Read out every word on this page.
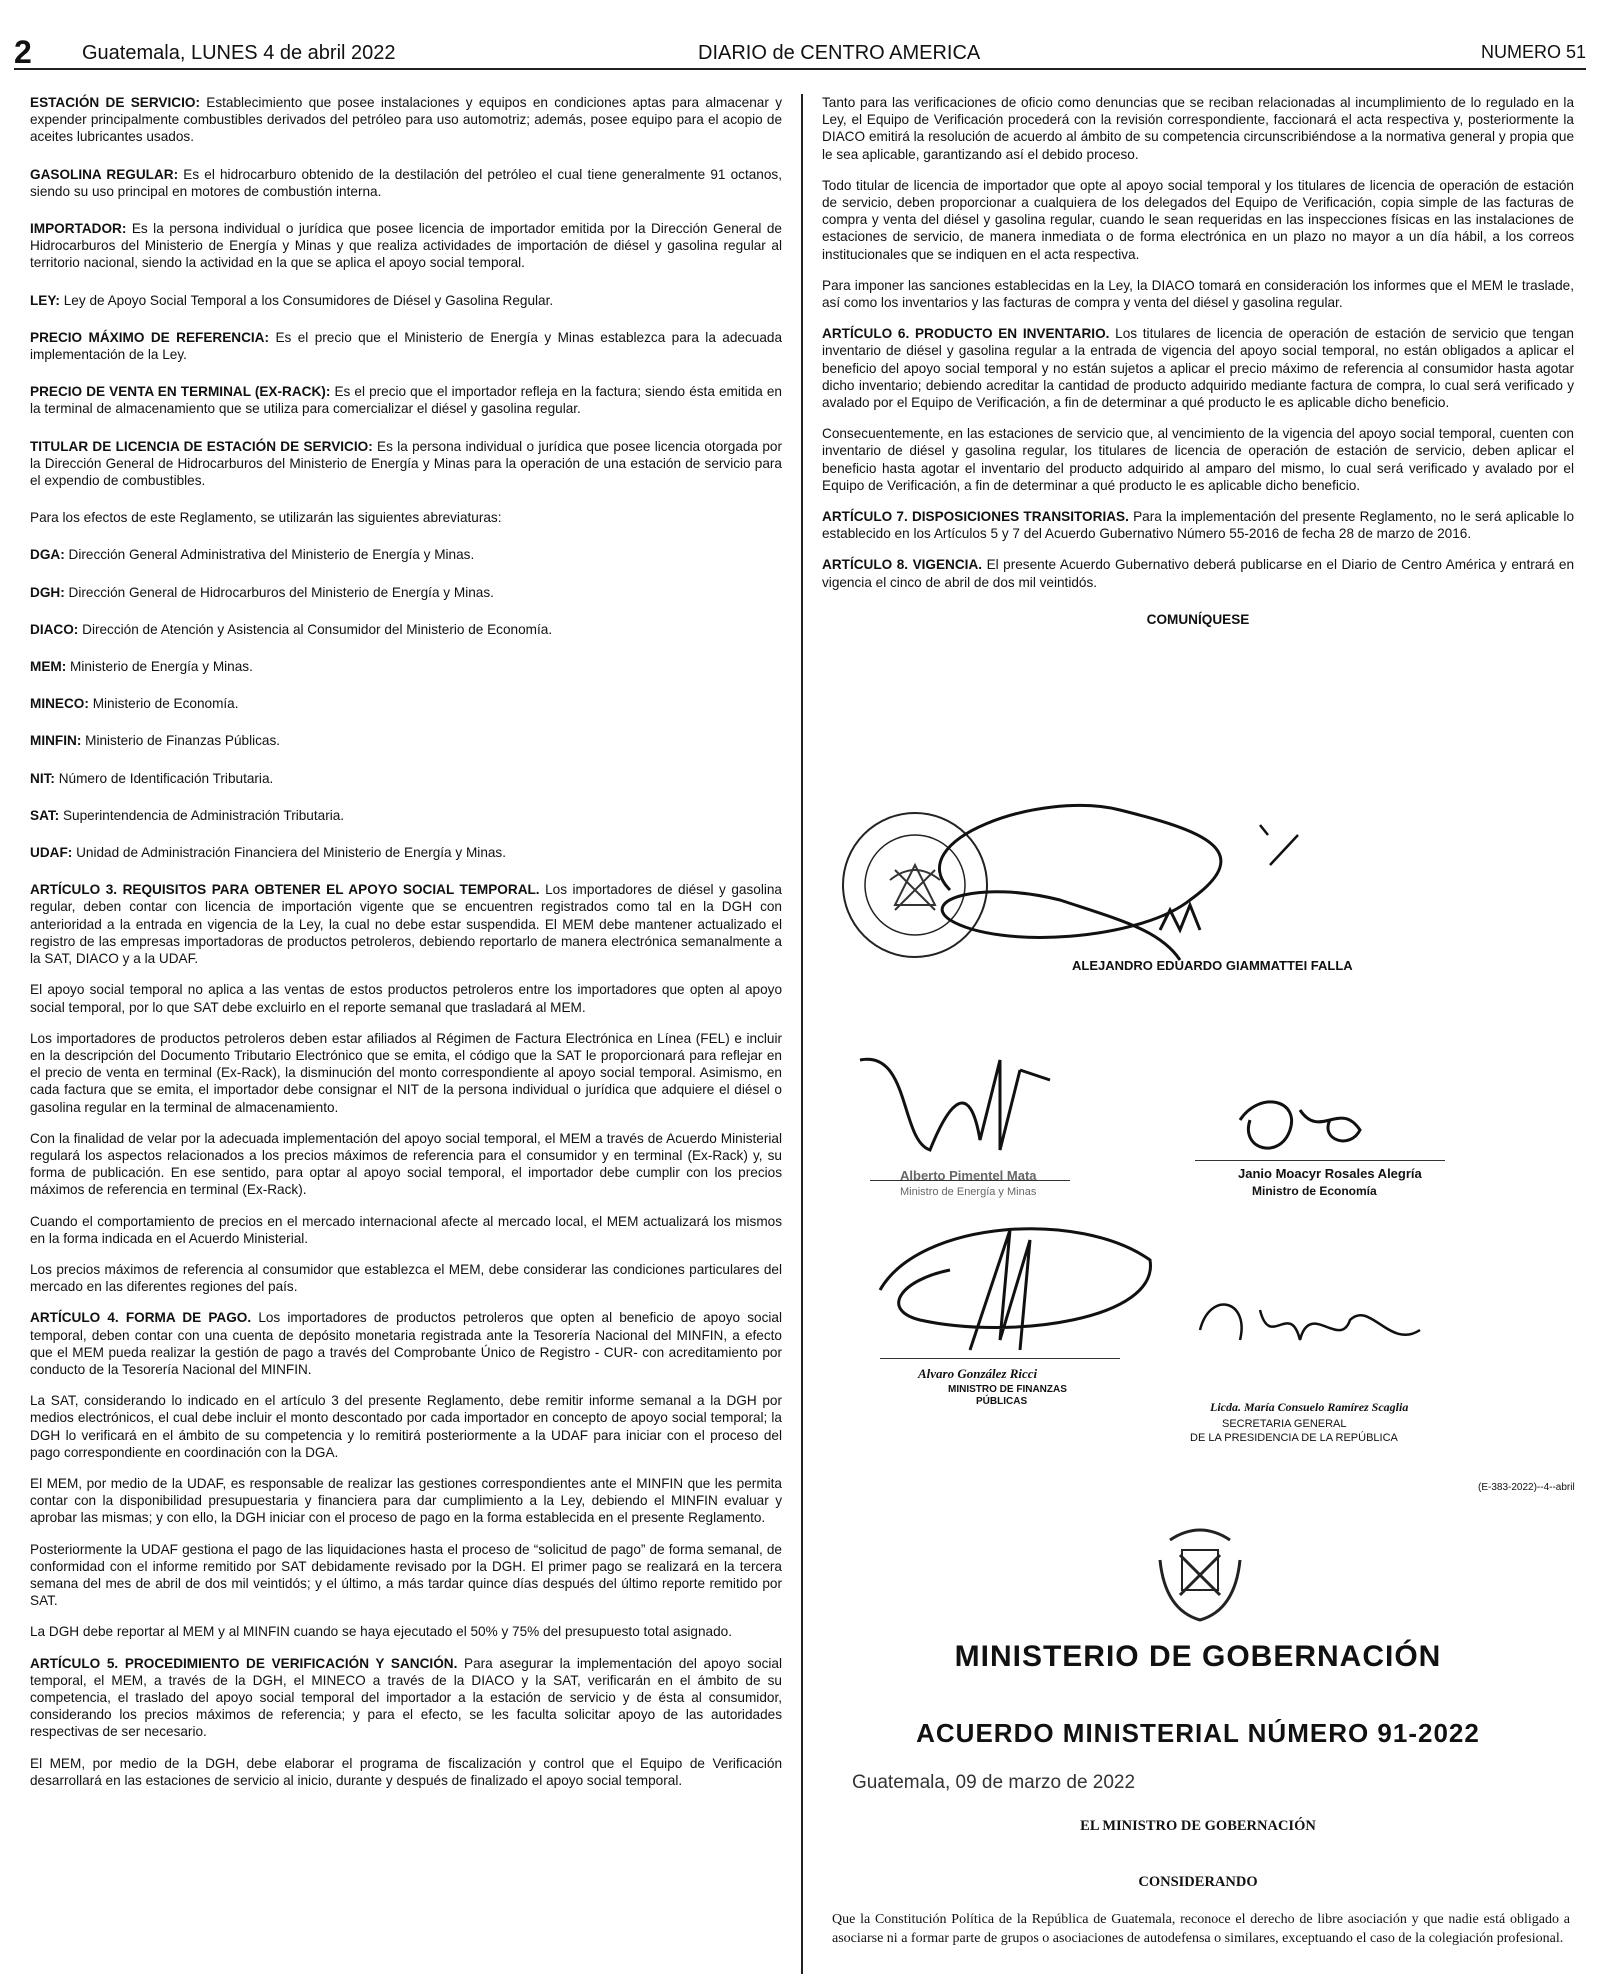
2	Guatemala, LUNES 4 de abril 2022	DIARIO de CENTRO AMERICA	NUMERO 51

ESTACIÓN DE SERVICIO: Establecimiento que posee instalaciones y equipos en condiciones aptas para almacenar y expender principalmente combustibles derivados del petróleo para uso automotriz; además, posee equipo para el acopio de aceites lubricantes usados.

GASOLINA REGULAR: Es el hidrocarburo obtenido de la destilación del petróleo el cual tiene generalmente 91 octanos, siendo su uso principal en motores de combustión interna.

IMPORTADOR: Es la persona individual o jurídica que posee licencia de importador emitida por la Dirección General de Hidrocarburos del Ministerio de Energía y Minas y que realiza actividades de importación de diésel y gasolina regular al territorio nacional, siendo la actividad en la que se aplica el apoyo social temporal.

LEY: Ley de Apoyo Social Temporal a los Consumidores de Diésel y Gasolina Regular.

PRECIO MÁXIMO DE REFERENCIA: Es el precio que el Ministerio de Energía y Minas establezca para la adecuada implementación de la Ley.

PRECIO DE VENTA EN TERMINAL (EX-RACK): Es el precio que el importador refleja en la factura; siendo ésta emitida en la terminal de almacenamiento que se utiliza para comercializar el diésel y gasolina regular.

TITULAR DE LICENCIA DE ESTACIÓN DE SERVICIO: Es la persona individual o jurídica que posee licencia otorgada por la Dirección General de Hidrocarburos del Ministerio de Energía y Minas para la operación de una estación de servicio para el expendio de combustibles.

Para los efectos de este Reglamento, se utilizarán las siguientes abreviaturas:

DGA: Dirección General Administrativa del Ministerio de Energía y Minas.

DGH: Dirección General de Hidrocarburos del Ministerio de Energía y Minas.

DIACO: Dirección de Atención y Asistencia al Consumidor del Ministerio de Economía.

MEM: Ministerio de Energía y Minas.

MINECO: Ministerio de Economía.

MINFIN: Ministerio de Finanzas Públicas.

NIT: Número de Identificación Tributaria.

SAT: Superintendencia de Administración Tributaria.

UDAF: Unidad de Administración Financiera del Ministerio de Energía y Minas.

ARTÍCULO 3. REQUISITOS PARA OBTENER EL APOYO SOCIAL TEMPORAL. Los importadores de diésel y gasolina regular, deben contar con licencia de importación vigente que se encuentren registrados como tal en la DGH con anterioridad a la entrada en vigencia de la Ley, la cual no debe estar suspendida. El MEM debe mantener actualizado el registro de las empresas importadoras de productos petroleros, debiendo reportarlo de manera electrónica semanalmente a la SAT, DIACO y a la UDAF.

El apoyo social temporal no aplica a las ventas de estos productos petroleros entre los importadores que opten al apoyo social temporal, por lo que SAT debe excluirlo en el reporte semanal que trasladará al MEM.

Los importadores de productos petroleros deben estar afiliados al Régimen de Factura Electrónica en Línea (FEL) e incluir en la descripción del Documento Tributario Electrónico que se emita, el código que la SAT le proporcionará para reflejar en el precio de venta en terminal (Ex-Rack), la disminución del monto correspondiente al apoyo social temporal. Asimismo, en cada factura que se emita, el importador debe consignar el NIT de la persona individual o jurídica que adquiere el diésel o gasolina regular en la terminal de almacenamiento.

Con la finalidad de velar por la adecuada implementación del apoyo social temporal, el MEM a través de Acuerdo Ministerial regulará los aspectos relacionados a los precios máximos de referencia para el consumidor y en terminal (Ex-Rack) y, su forma de publicación. En ese sentido, para optar al apoyo social temporal, el importador debe cumplir con los precios máximos de referencia en terminal (Ex-Rack).

Cuando el comportamiento de precios en el mercado internacional afecte al mercado local, el MEM actualizará los mismos en la forma indicada en el Acuerdo Ministerial.

Los precios máximos de referencia al consumidor que establezca el MEM, debe considerar las condiciones particulares del mercado en las diferentes regiones del país.

ARTÍCULO 4. FORMA DE PAGO. Los importadores de productos petroleros que opten al beneficio de apoyo social temporal, deben contar con una cuenta de depósito monetaria registrada ante la Tesorería Nacional del MINFIN, a efecto que el MEM pueda realizar la gestión de pago a través del Comprobante Único de Registro - CUR- con acreditamiento por conducto de la Tesorería Nacional del MINFIN.

La SAT, considerando lo indicado en el artículo 3 del presente Reglamento, debe remitir informe semanal a la DGH por medios electrónicos, el cual debe incluir el monto descontado por cada importador en concepto de apoyo social temporal; la DGH lo verificará en el ámbito de su competencia y lo remitirá posteriormente a la UDAF para iniciar con el proceso del pago correspondiente en coordinación con la DGA.

El MEM, por medio de la UDAF, es responsable de realizar las gestiones correspondientes ante el MINFIN que les permita contar con la disponibilidad presupuestaria y financiera para dar cumplimiento a la Ley, debiendo el MINFIN evaluar y aprobar las mismas; y con ello, la DGH iniciar con el proceso de pago en la forma establecida en el presente Reglamento.

Posteriormente la UDAF gestiona el pago de las liquidaciones hasta el proceso de “solicitud de pago” de forma semanal, de conformidad con el informe remitido por SAT debidamente revisado por la DGH. El primer pago se realizará en la tercera semana del mes de abril de dos mil veintidós; y el último, a más tardar quince días después del último reporte remitido por SAT.

La DGH debe reportar al MEM y al MINFIN cuando se haya ejecutado el 50% y 75% del presupuesto total asignado.

ARTÍCULO 5. PROCEDIMIENTO DE VERIFICACIÓN Y SANCIÓN. Para asegurar la implementación del apoyo social temporal, el MEM, a través de la DGH, el MINECO a través de la DIACO y la SAT, verificarán en el ámbito de su competencia, el traslado del apoyo social temporal del importador a la estación de servicio y de ésta al consumidor, considerando los precios máximos de referencia; y para el efecto, se les faculta solicitar apoyo de las autoridades respectivas de ser necesario.

El MEM, por medio de la DGH, debe elaborar el programa de fiscalización y control que el Equipo de Verificación desarrollará en las estaciones de servicio al inicio, durante y después de finalizado el apoyo social temporal.

Tanto para las verificaciones de oficio como denuncias que se reciban relacionadas al incumplimiento de lo regulado en la Ley, el Equipo de Verificación procederá con la revisión correspondiente, faccionará el acta respectiva y, posteriormente la DIACO emitirá la resolución de acuerdo al ámbito de su competencia circunscribiéndose a la normativa general y propia que le sea aplicable, garantizando así el debido proceso.

Todo titular de licencia de importador que opte al apoyo social temporal y los titulares de licencia de operación de estación de servicio, deben proporcionar a cualquiera de los delegados del Equipo de Verificación, copia simple de las facturas de compra y venta del diésel y gasolina regular, cuando le sean requeridas en las inspecciones físicas en las instalaciones de estaciones de servicio, de manera inmediata o de forma electrónica en un plazo no mayor a un día hábil, a los correos institucionales que se indiquen en el acta respectiva.

Para imponer las sanciones establecidas en la Ley, la DIACO tomará en consideración los informes que el MEM le traslade, así como los inventarios y las facturas de compra y venta del diésel y gasolina regular.

ARTÍCULO 6. PRODUCTO EN INVENTARIO. Los titulares de licencia de operación de estación de servicio que tengan inventario de diésel y gasolina regular a la entrada de vigencia del apoyo social temporal, no están obligados a aplicar el beneficio del apoyo social temporal y no están sujetos a aplicar el precio máximo de referencia al consumidor hasta agotar dicho inventario; debiendo acreditar la cantidad de producto adquirido mediante factura de compra, lo cual será verificado y avalado por el Equipo de Verificación, a fin de determinar a qué producto le es aplicable dicho beneficio.

Consecuentemente, en las estaciones de servicio que, al vencimiento de la vigencia del apoyo social temporal, cuenten con inventario de diésel y gasolina regular, los titulares de licencia de operación de estación de servicio, deben aplicar el beneficio hasta agotar el inventario del producto adquirido al amparo del mismo, lo cual será verificado y avalado por el Equipo de Verificación, a fin de determinar a qué producto le es aplicable dicho beneficio.

ARTÍCULO 7. DISPOSICIONES TRANSITORIAS. Para la implementación del presente Reglamento, no le será aplicable lo establecido en los Artículos 5 y 7 del Acuerdo Gubernativo Número 55-2016 de fecha 28 de marzo de 2016.

ARTÍCULO 8. VIGENCIA. El presente Acuerdo Gubernativo deberá publicarse en el Diario de Centro América y entrará en vigencia el cinco de abril de dos mil veintidós.

COMUNÍQUESE
ALEJANDRO EDUARDO GIAMMATTEI FALLA
Alberto Pimentel Mata
Ministro de Energía y Minas
Janio Moacyr Rosales Alegría
Ministro de Economía
Alvaro González Ricci
MINISTRO DE FINANZAS
PÚBLICAS	Licda. María Consuelo Ramírez Scaglia
SECRETARIA GENERAL
DE LA PRESIDENCIA DE LA REPÚBLICA
(E-383-2022)--4--abril
MINISTERIO DE GOBERNACIÓN
ACUERDO MINISTERIAL NÚMERO 91-2022
Guatemala, 09 de marzo de 2022
EL MINISTRO DE GOBERNACIÓN
CONSIDERANDO
Que la Constitución Política de la República de Guatemala, reconoce el derecho de libre asociación y que nadie está obligado a asociarse ni a formar parte de grupos o asociaciones de autodefensa o similares, exceptuando el caso de la colegiación profesional.
